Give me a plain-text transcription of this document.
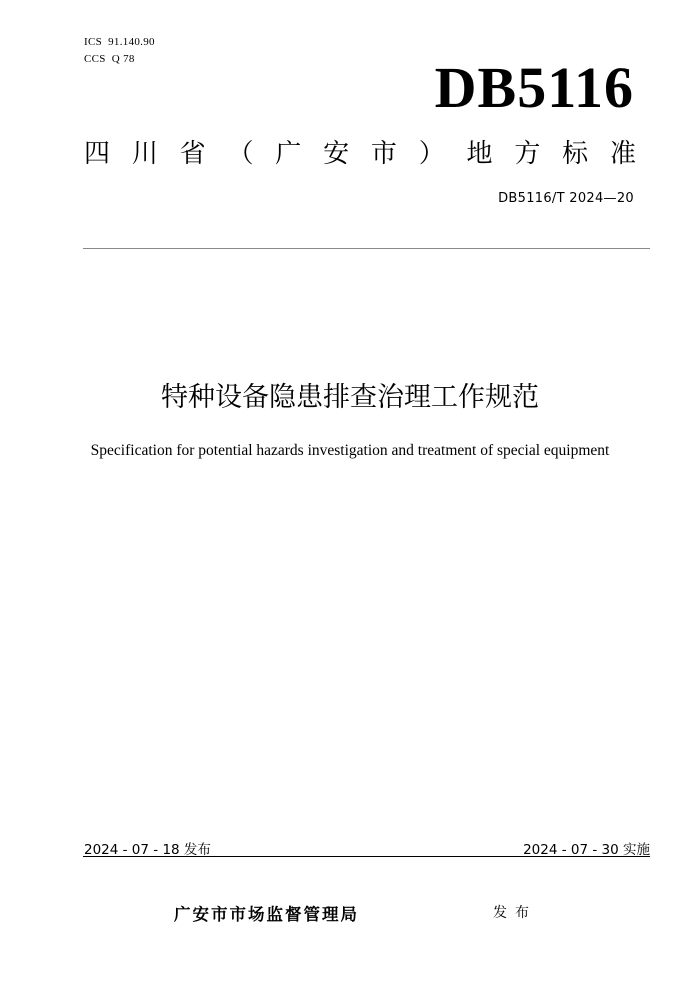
ICS  91.140.90
CCS  Q 78	DB5116
四 川 省 （ 广 安 市 ） 地 方 标 准
DB5116/T 2024—20
特种设备隐患排查治理工作规范
Specification for potential hazards investigation and treatment of special equipment
2024 - 07 - 18 发布	2024 - 07 - 30 实施
广安市市场监督管理局	发布
